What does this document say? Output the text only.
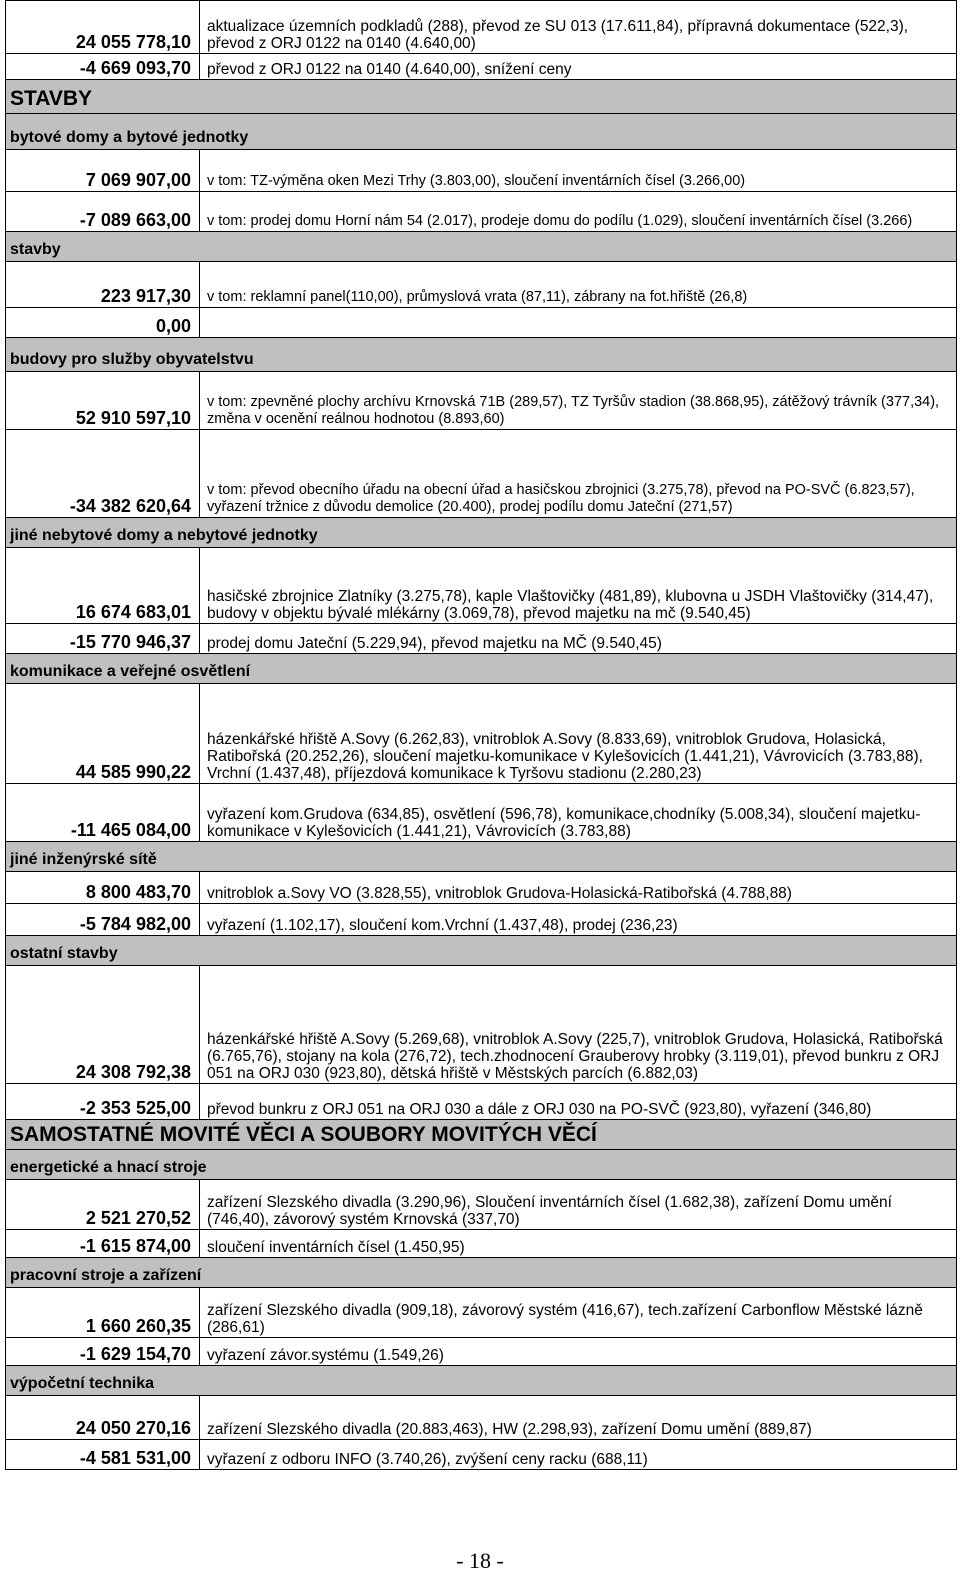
24 055 778,10	aktualizace územních podkladů (288), převod ze SU 013 (17.611,84), přípravná dokumentace (522,3), převod z ORJ 0122 na 0140 (4.640,00)
-4 669 093,70	převod z ORJ 0122 na 0140 (4.640,00), snížení ceny
STAVBY	
bytové domy a bytové jednotky	
7 069 907,00	v tom: TZ-výměna oken Mezi Trhy (3.803,00), sloučení inventárních čísel (3.266,00)
-7 089 663,00	v tom: prodej domu Horní nám 54 (2.017), prodeje domu do podílu (1.029), sloučení inventárních čísel (3.266)
stavby	
223 917,30	v tom: reklamní panel(110,00), průmyslová vrata (87,11), zábrany na fot.hřiště (26,8)
0,00	
budovy pro služby obyvatelstvu	
52 910 597,10	v tom: zpevněné plochy archívu Krnovská 71B (289,57), TZ Tyršův stadion (38.868,95), zátěžový trávník (377,34), změna v ocenění reálnou hodnotou (8.893,60)
-34 382 620,64	v tom: převod obecního úřadu na obecní úřad a hasičskou zbrojnici (3.275,78), převod na PO-SVČ (6.823,57), vyřazení tržnice z důvodu demolice (20.400), prodej podílu domu Jateční (271,57)
jiné nebytové domy a nebytové jednotky	
16 674 683,01	hasičské zbrojnice Zlatníky (3.275,78), kaple Vlaštovičky (481,89), klubovna u JSDH Vlaštovičky (314,47), budovy v objektu bývalé mlékárny (3.069,78), převod majetku na mč (9.540,45)
-15 770 946,37	prodej domu Jateční (5.229,94), převod majetku na MČ (9.540,45)
komunikace a veřejné osvětlení	
44 585 990,22	házenkářské hřiště A.Sovy (6.262,83), vnitroblok A.Sovy (8.833,69), vnitroblok Grudova, Holasická, Ratibořská (20.252,26), sloučení majetku-komunikace v Kylešovicích (1.441,21), Vávrovicích (3.783,88), Vrchní (1.437,48), příjezdová komunikace k Tyršovu stadionu (2.280,23)
-11 465 084,00	vyřazení kom.Grudova (634,85), osvětlení (596,78), komunikace,chodníky (5.008,34), sloučení majetku-komunikace v Kylešovicích (1.441,21), Vávrovicích (3.783,88)
jiné inženýrské sítě	
8 800 483,70	vnitroblok a.Sovy VO (3.828,55), vnitroblok Grudova-Holasická-Ratibořská (4.788,88)
-5 784 982,00	vyřazení (1.102,17), sloučení kom.Vrchní (1.437,48), prodej (236,23)
ostatní stavby	
24 308 792,38	házenkářské hřiště A.Sovy (5.269,68), vnitroblok A.Sovy (225,7), vnitroblok Grudova, Holasická, Ratibořská (6.765,76), stojany na kola (276,72), tech.zhodnocení Grauberovy hrobky (3.119,01), převod bunkru z ORJ 051 na ORJ 030 (923,80), dětská hřiště v Městských parcích (6.882,03)
-2 353 525,00	převod bunkru z ORJ 051 na ORJ 030 a dále z ORJ 030 na PO-SVČ (923,80), vyřazení (346,80)
SAMOSTATNÉ MOVITÉ VĚCI A SOUBORY MOVITÝCH VĚCÍ	
energetické a hnací stroje	
2 521 270,52	zařízení Slezského divadla (3.290,96), Sloučení inventárních čísel (1.682,38), zařízení Domu umění (746,40), závorový systém Krnovská (337,70)
-1 615 874,00	sloučení inventárních čísel (1.450,95)
pracovní stroje a zařízení	
1 660 260,35	zařízení Slezského divadla (909,18), závorový systém (416,67), tech.zařízení Carbonflow Městské lázně (286,61)
-1 629 154,70	vyřazení závor.systému (1.549,26)
výpočetní technika	
24 050 270,16	zařízení Slezského divadla (20.883,463), HW (2.298,93), zařízení Domu umění (889,87)
-4 581 531,00	vyřazení z odboru INFO (3.740,26), zvýšení ceny racku (688,11)
- 18 -
